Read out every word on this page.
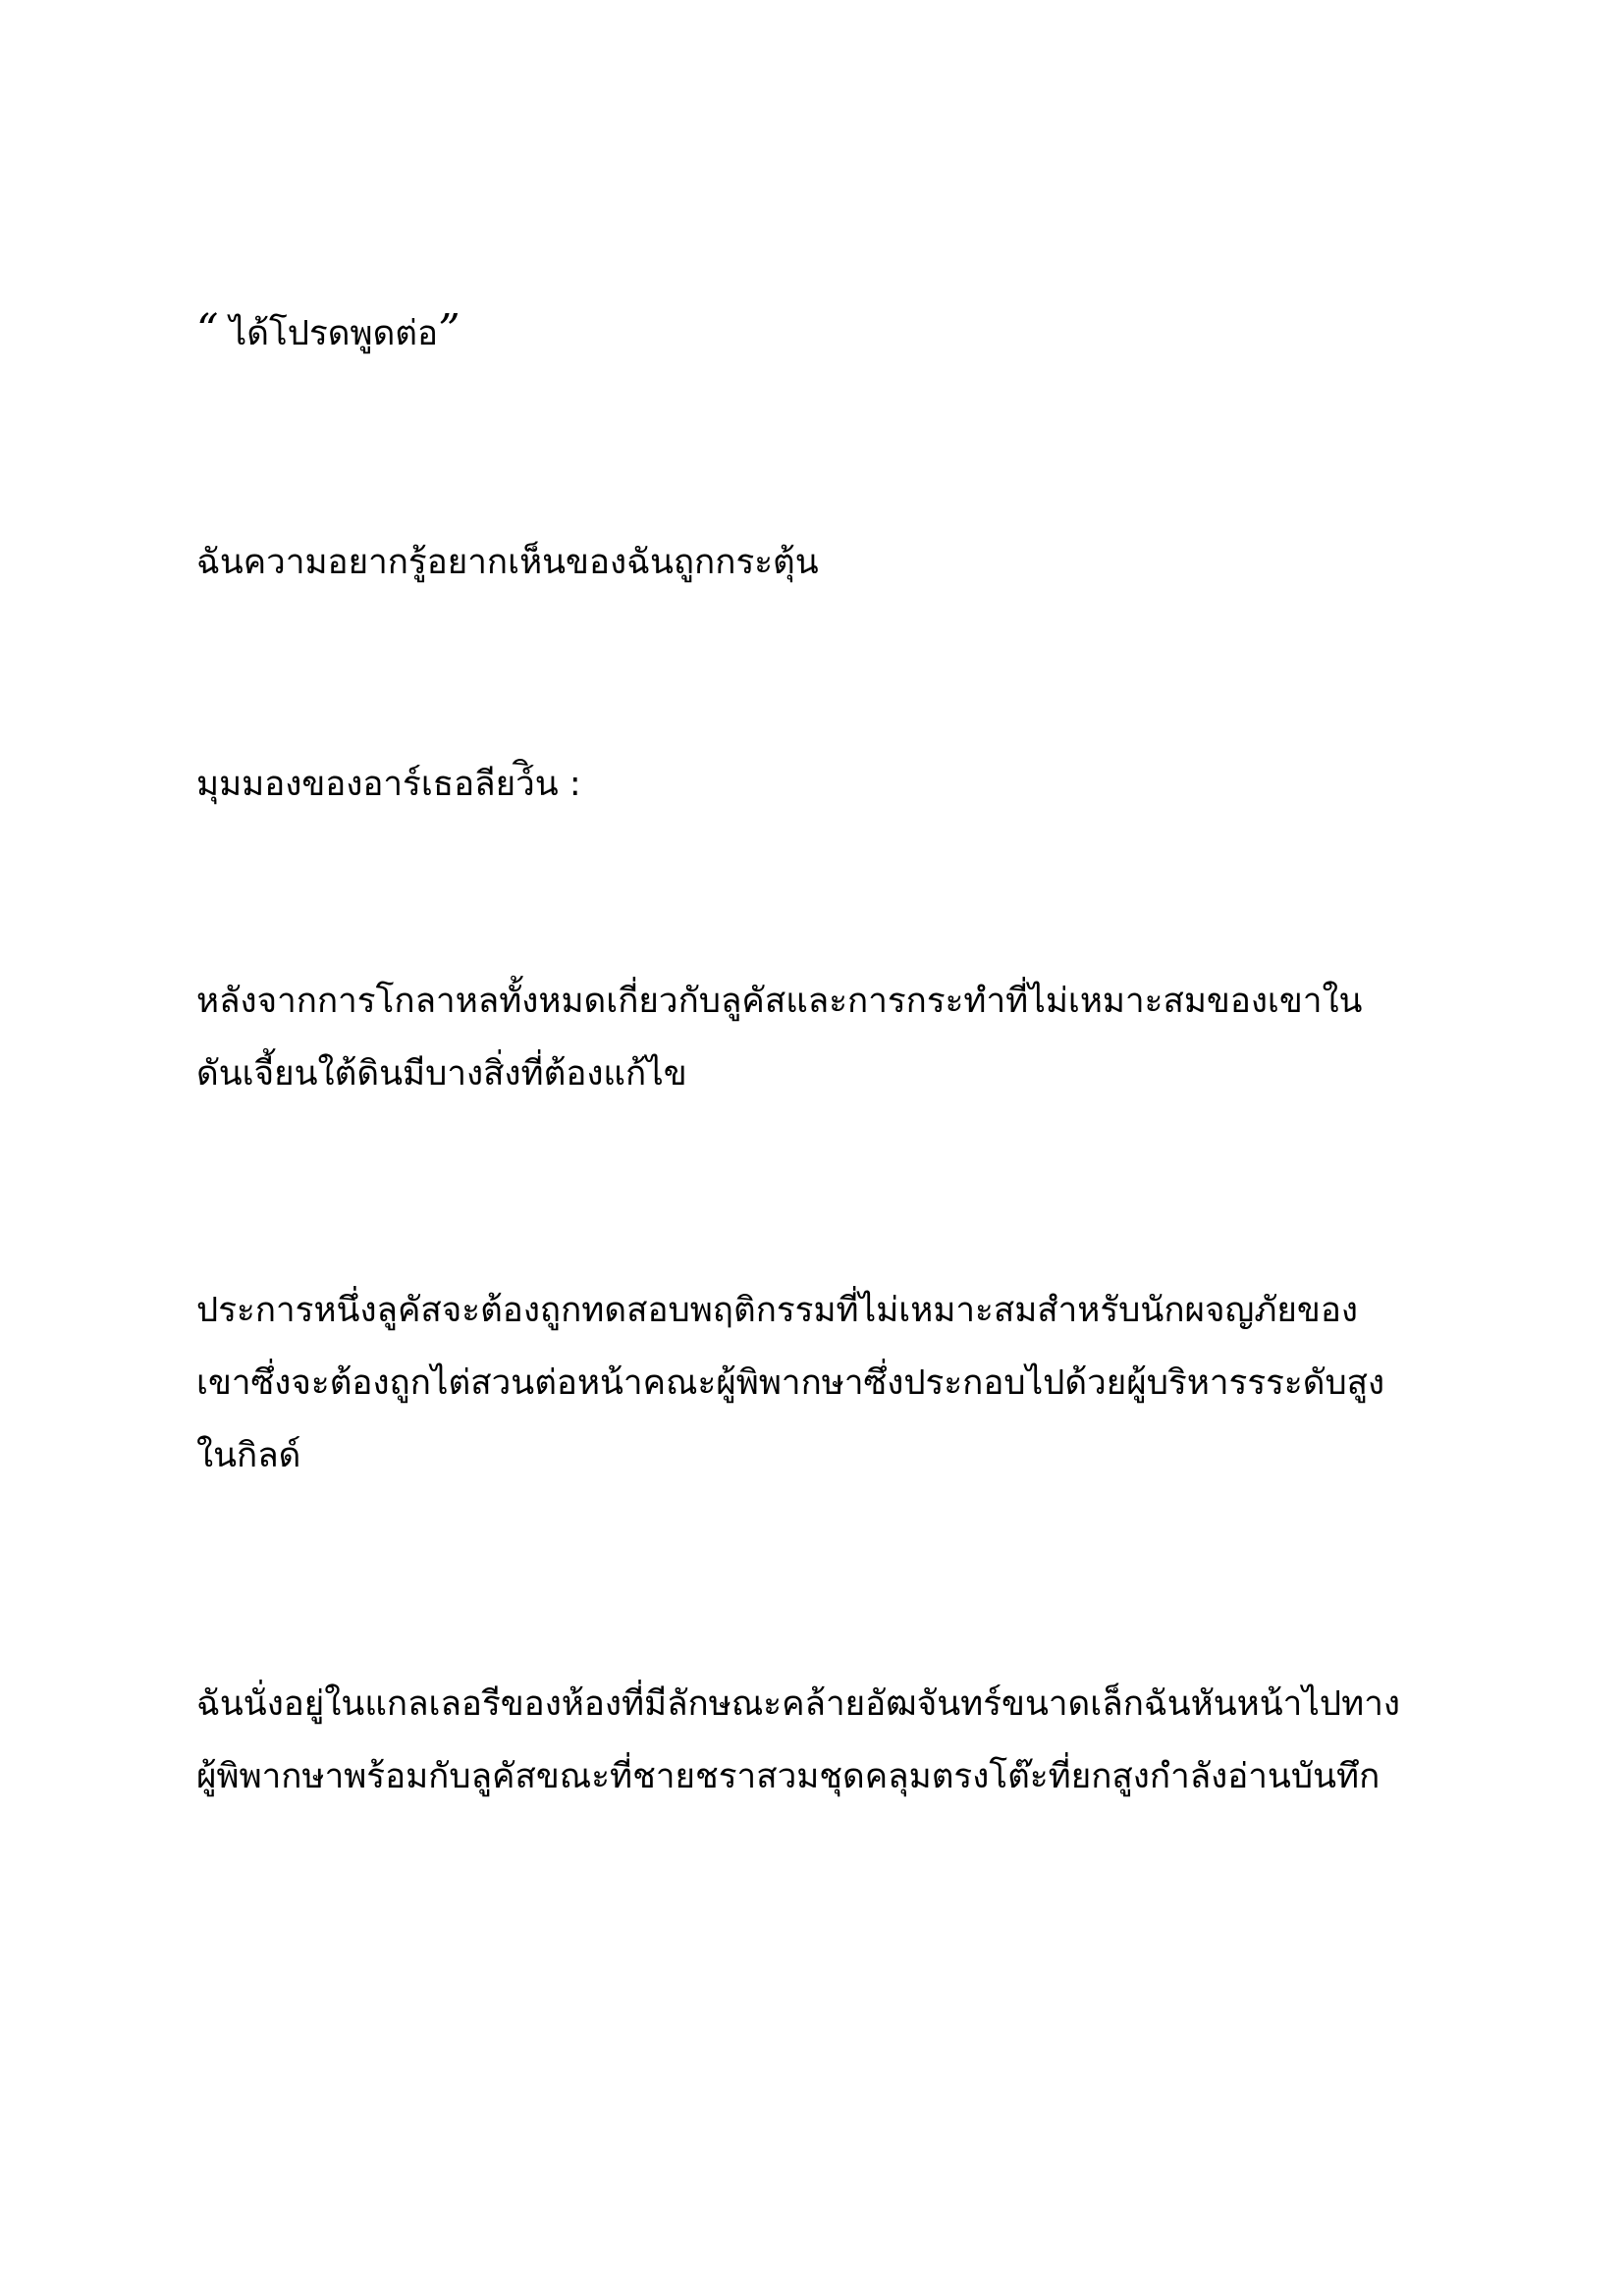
“ ได้โปรดพูดต่อ”

ฉันความอยากรู้อยากเห็นของฉันถูกกระตุ้น

มุมมองของอาร์เธอลียว์ิน :

หลังจากการโกลาหลทั้งหมดเกี่ยวกับลูคัสและการกระทำที่ไม่เหมาะสมของเขาใน
ดันเจี้ยนใต้ดินมีบางสิ่งที่ต้องแก้ไข

ประการหนึ่งลูคัสจะต้องถูกทดสอบพฤติกรรมที่ไม่เหมาะสมสำหรับนักผจญภัยของ
เขาซึ่งจะต้องถูกไต่สวนต่อหน้าคณะผู้พิพากษาซึ่งประกอบไปด้วยผู้บริหารรระดับสูง
ในกิลด์

ฉันนั่งอยู่ในแกลเลอรีของห้องที่มีลักษณะคล้ายอัฒจันทร์ขนาดเล็กฉันหันหน้าไปทาง
ผู้พิพากษาพร้อมกับลูคัสขณะที่ชายชราสวมชุดคลุมตรงโต๊ะที่ยกสูงกำลังอ่านบันทึก
